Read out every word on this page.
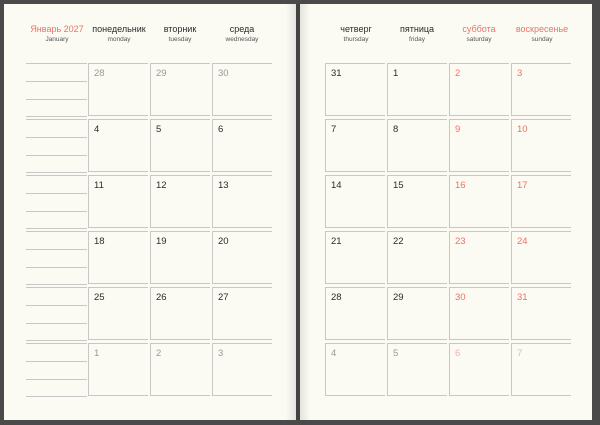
Январь 2027
January
понедельник
monday
вторник
tuesday
среда
wednesday
четверг
thursday
пятница
friday
суббота
saturday
воскресенье
sunday
28	29	30	31	1	2	3
4	5	6	7	8	9	10
11	12	13	14	15	16	17
18	19	20	21	22	23	24
25	26	27	28	29	30	31
1	2	3	4	5	6	7
